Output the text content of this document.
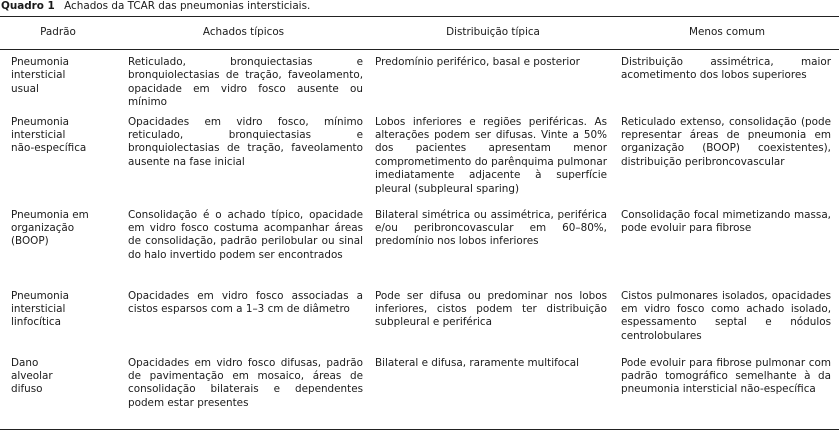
Quadro 1 Achados da TCAR das pneumonias intersticiais.
Padrão	Achados típicos	Distribuição típica	Menos comum

Pneumonia intersticial usual	Reticulado, bronquiectasias e bronquiolectasias de tração, faveolamento, opacidade em vidro fosco ausente ou mínimo	Predomínio periférico, basal e posterior	Distribuição assimétrica, maior acometimento dos lobos superiores

Pneumonia intersticial não-específica	Opacidades em vidro fosco, mínimo reticulado, bronquiectasias e bronquiolectasias de tração, faveolamento ausente na fase inicial	Lobos inferiores e regiões periféricas. As alterações podem ser difusas. Vinte a 50% dos pacientes apresentam menor comprometimento do parênquima pulmonar imediatamente adjacente à superfície pleural (subpleural sparing)	Reticulado extenso, consolidação (pode representar áreas de pneumonia em organização (BOOP) coexistentes), distribuição peribroncovascular

Pneumonia em organização (BOOP)	Consolidação é o achado típico, opacidade em vidro fosco costuma acompanhar áreas de consolidação, padrão perilobular ou sinal do halo invertido podem ser encontrados	Bilateral simétrica ou assimétrica, periférica e/ou peribroncovascular em 60–80%, predomínio nos lobos inferiores	Consolidação focal mimetizando massa, pode evoluir para fibrose

Pneumonia intersticial linfocítica	Opacidades em vidro fosco associadas a cistos esparsos com a 1–3 cm de diâmetro	Pode ser difusa ou predominar nos lobos inferiores, cistos podem ter distribuição subpleural e periférica	Cistos pulmonares isolados, opacidades em vidro fosco como achado isolado, espessamento septal e nódulos centrolobulares

Dano alveolar difuso	Opacidades em vidro fosco difusas, padrão de pavimentação em mosaico, áreas de consolidação bilaterais e dependentes podem estar presentes	Bilateral e difusa, raramente multifocal	Pode evoluir para fibrose pulmonar com padrão tomográfico semelhante à da pneumonia intersticial não-específica
